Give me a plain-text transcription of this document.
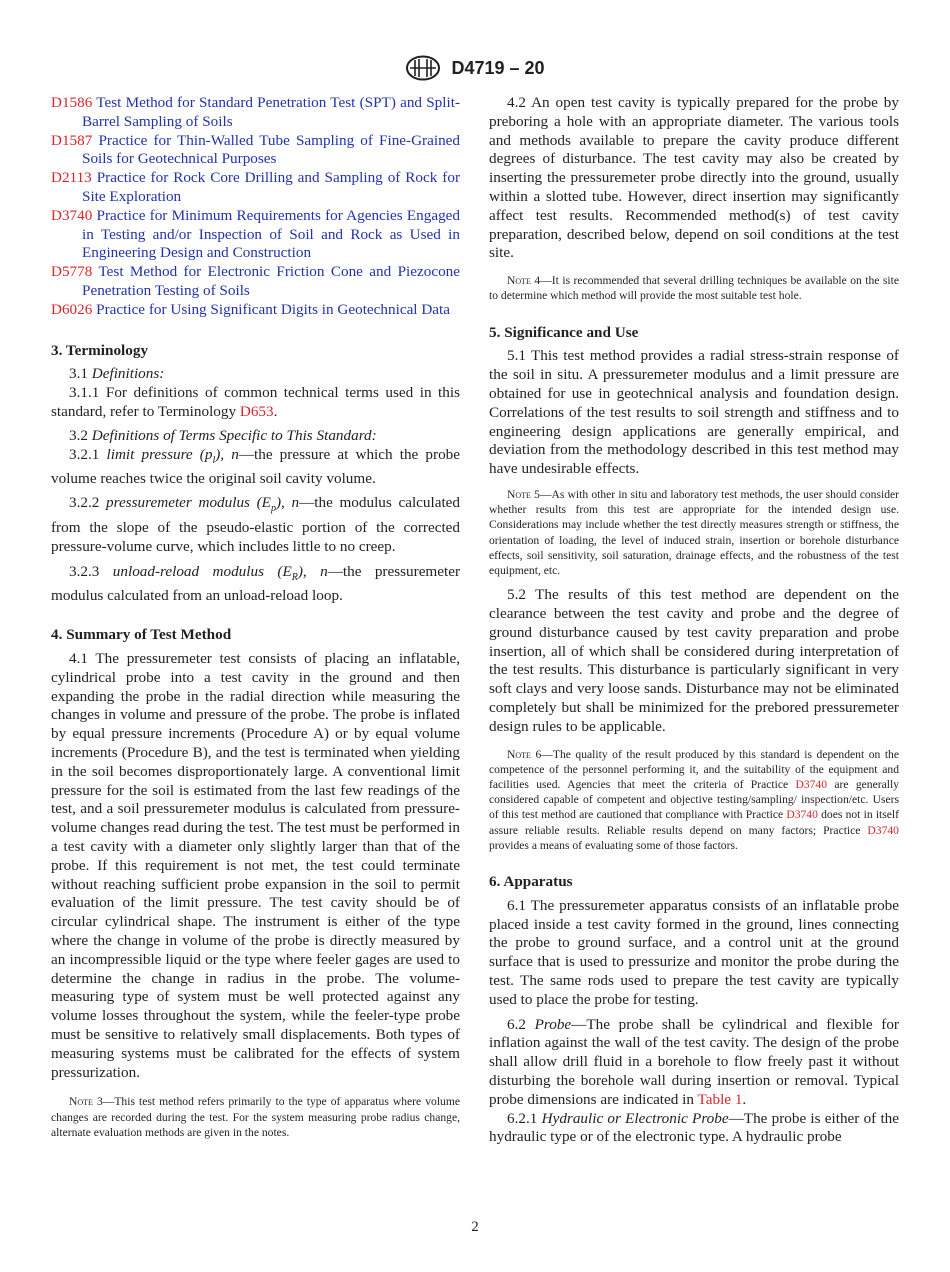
D4719 – 20

D1586 Test Method for Standard Penetration Test (SPT) and Split-Barrel Sampling of Soils

D1587 Practice for Thin-Walled Tube Sampling of Fine-Grained Soils for Geotechnical Purposes

D2113 Practice for Rock Core Drilling and Sampling of Rock for Site Exploration

D3740 Practice for Minimum Requirements for Agencies Engaged in Testing and/or Inspection of Soil and Rock as Used in Engineering Design and Construction

D5778 Test Method for Electronic Friction Cone and Piezocone Penetration Testing of Soils

D6026 Practice for Using Significant Digits in Geotechnical Data

3. Terminology

3.1 Definitions:

3.1.1 For definitions of common technical terms used in this standard, refer to Terminology D653.

3.2 Definitions of Terms Specific to This Standard:

3.2.1 limit pressure $(p_l)$, n—the pressure at which the probe volume reaches twice the original soil cavity volume.

3.2.2 pressuremeter modulus $(E_p)$, n—the modulus calculated from the slope of the pseudo-elastic portion of the corrected pressure-volume curve, which includes little to no creep.

3.2.3 unload-reload modulus $(E_R)$, n—the pressuremeter modulus calculated from an unload-reload loop.

4. Summary of Test Method

4.1 The pressuremeter test consists of placing an inflatable, cylindrical probe into a test cavity in the ground and then expanding the probe in the radial direction while measuring the changes in volume and pressure of the probe. The probe is inflated by equal pressure increments (Procedure A) or by equal volume increments (Procedure B), and the test is terminated when yielding in the soil becomes disproportionately large. A conventional limit pressure for the soil is estimated from the last few readings of the test, and a soil pressuremeter modulus is calculated from pressure-volume changes read during the test. The test must be performed in a test cavity with a diameter only slightly larger than that of the probe. If this requirement is not met, the test could terminate without reaching sufficient probe expansion in the soil to permit evaluation of the limit pressure. The test cavity should be of circular cylindrical shape. The instrument is either of the type where the change in volume of the probe is directly measured by an incompressible liquid or the type where feeler gages are used to determine the change in radius in the probe. The volume-measuring type of system must be well protected against any volume losses throughout the system, while the feeler-type probe must be sensitive to relatively small displacements. Both types of measuring systems must be calibrated for the effects of system pressurization.

Note 3—This test method refers primarily to the type of apparatus where volume changes are recorded during the test. For the system measuring probe radius change, alternate evaluation methods are given in the notes.

4.2 An open test cavity is typically prepared for the probe by preboring a hole with an appropriate diameter. The various tools and methods available to prepare the cavity produce different degrees of disturbance. The test cavity may also be created by inserting the pressuremeter probe directly into the ground, usually within a slotted tube. However, direct insertion may significantly affect test results. Recommended method(s) of test cavity preparation, described below, depend on soil conditions at the test site.

Note 4—It is recommended that several drilling techniques be available on the site to determine which method will provide the most suitable test hole.

5. Significance and Use

5.1 This test method provides a radial stress-strain response of the soil in situ. A pressuremeter modulus and a limit pressure are obtained for use in geotechnical analysis and foundation design. Correlations of the test results to soil strength and stiffness and to engineering design applications are generally empirical, and deviation from the methodology described in this test method may have undesirable effects.

Note 5—As with other in situ and laboratory test methods, the user should consider whether results from this test are appropriate for the intended design use. Considerations may include whether the test directly measures strength or stiffness, the orientation of loading, the level of induced strain, insertion or borehole disturbance effects, soil sensitivity, soil saturation, drainage effects, and the robustness of the test equipment, etc.

5.2 The results of this test method are dependent on the clearance between the test cavity and probe and the degree of ground disturbance caused by test cavity preparation and probe insertion, all of which shall be considered during interpretation of the test results. This disturbance is particularly significant in very soft clays and very loose sands. Disturbance may not be eliminated completely but shall be minimized for the prebored pressuremeter design rules to be applicable.

Note 6—The quality of the result produced by this standard is dependent on the competence of the personnel performing it, and the suitability of the equipment and facilities used. Agencies that meet the criteria of Practice D3740 are generally considered capable of competent and objective testing/sampling/ inspection/etc. Users of this test method are cautioned that compliance with Practice D3740 does not in itself assure reliable results. Reliable results depend on many factors; Practice D3740 provides a means of evaluating some of those factors.

6. Apparatus

6.1 The pressuremeter apparatus consists of an inflatable probe placed inside a test cavity formed in the ground, lines connecting the probe to ground surface, and a control unit at the ground surface that is used to pressurize and monitor the probe during the test. The same rods used to prepare the test cavity are typically used to place the probe for testing.

6.2 Probe—The probe shall be cylindrical and flexible for inflation against the wall of the test cavity. The design of the probe shall allow drill fluid in a borehole to flow freely past it without disturbing the borehole wall during insertion or removal. Typical probe dimensions are indicated in Table 1.

6.2.1 Hydraulic or Electronic Probe—The probe is either of the hydraulic type or of the electronic type. A hydraulic probe

2
